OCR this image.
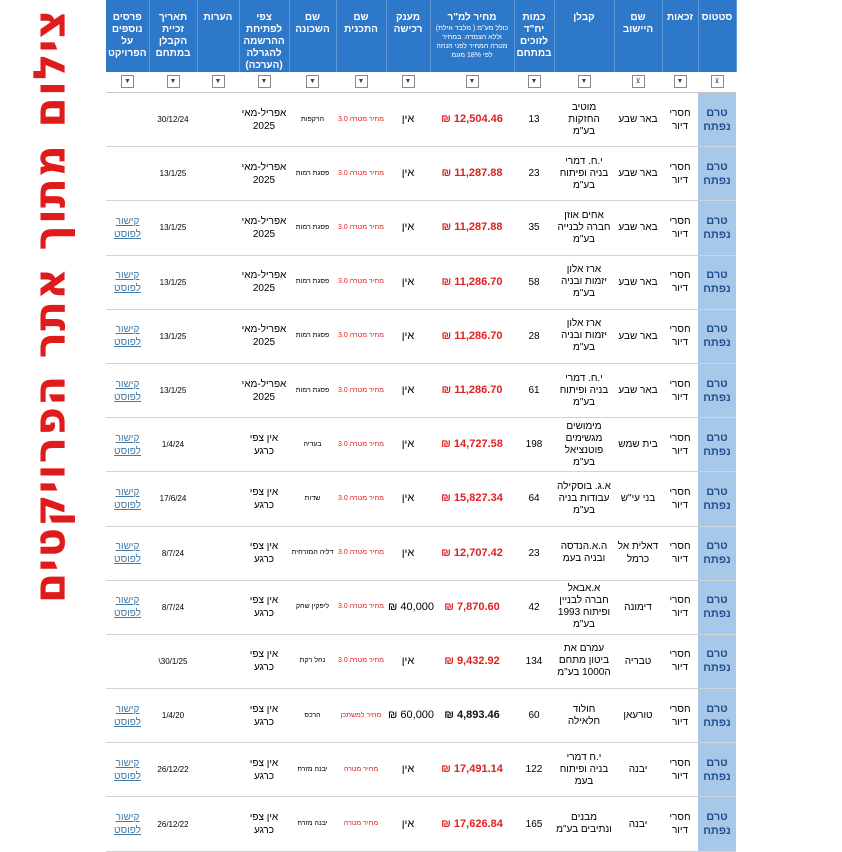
צילום מתוך אתר הפרויקטים	סטטוס	זכאות	שם היישוב	קבלן	כמות יח"ד לזוכים במתחם	מחיר למ"ר
כולל מע"מ ( מלבד אילת) וללא הצמדה. במחיר מטרה המחיר לפני הנחה לפי 18% מעמ	מענק רכישה	שם התכנית	שם השכונה	צפי לפתיחת ההרשמה להגרלה (הערכה)	הערות	תאריך זכיית הקבלן במתחם	פרסים נוספים על הפרויקט
⊻	▼	⊻	▼	▼	▼	▼	▼	▼	▼	▼	▼	▼
טרם נפתח	חסרי דיור	באר שבע	מוטיב החזקות בע"מ	13	₪ 12,504.46	אין	מחיר מטרה 3.0	הרקפות	אפריל-מאי 2025		30/12/24	
טרם נפתח	חסרי דיור	באר שבע	י.ח. דמרי בניה ופיתוח בע"מ	23	₪ 11,287.88	אין	מחיר מטרה 3.0	פסגת רמות	אפריל-מאי 2025		13/1/25	
טרם נפתח	חסרי דיור	באר שבע	אחים אוזן חברה לבנייה בע"מ	35	₪ 11,287.88	אין	מחיר מטרה 3.0	פסגת רמות	אפריל-מאי 2025		13/1/25	קישור לפוסט
טרם נפתח	חסרי דיור	באר שבע	ארז אלון יזמות ובניה בע"מ	58	₪ 11,286.70	אין	מחיר מטרה 3.0	פסגת רמות	אפריל-מאי 2025		13/1/25	קישור לפוסט
טרם נפתח	חסרי דיור	באר שבע	ארז אלון יזמות ובניה בע"מ	28	₪ 11,286.70	אין	מחיר מטרה 3.0	פסגת רמות	אפריל-מאי 2025		13/1/25	קישור לפוסט
טרם נפתח	חסרי דיור	באר שבע	י.ח. דמרי בניה ופיתוח בע"מ	61	₪ 11,286.70	אין	מחיר מטרה 3.0	פסגת רמות	אפריל-מאי 2025		13/1/25	קישור לפוסט
טרם נפתח	חסרי דיור	בית שמש	מימושים מגשימים פוטנציאל בע"מ	198	₪ 14,727.58	אין	מחיר מטרה 3.0	בעדיה	אין צפי כרגע		1/4/24	קישור לפוסט
טרם נפתח	חסרי דיור	בני עי"ש	א.ג. בוסקילה עבודות בניה בע"מ	64	₪ 15,827.34	אין	מחיר מטרה 3.0	שדות	אין צפי כרגע		17/6/24	קישור לפוסט
טרם נפתח	חסרי דיור	דאלית אל כרמל	ה.א.הנדסה ובניה בעמ	23	₪ 12,707.42	אין	מחיר מטרה 3.0	דליה המזרחית	אין צפי כרגע		8/7/24	קישור לפוסט
טרם נפתח	חסרי דיור	דימונה	א.אבאל חברה לבניין ופיתוח 1993 בע"מ	42	₪ 7,870.60	₪ 40,000	מחיר מטרה 3.0	ליפקין שחק	אין צפי כרגע		8/7/24	קישור לפוסט
טרם נפתח	חסרי דיור	טבריה	עמרם את ביטון מתחם ה1000 בע"מ	134	₪ 9,432.92	אין	מחיר מטרה 3.0	נחל רקת	אין צפי כרגע		30/1/25\	
טרם נפתח	חסרי דיור	טורעאן	חולוד חלאילה	60	₪ 4,893.46	₪ 60,000	מחיר למשתכן	הרכס	אין צפי כרגע		1/4/20	קישור לפוסט
טרם נפתח	חסרי דיור	יבנה	י.ח דמרי בניה ופיתוח בעמ	122	₪ 17,491.14	אין	מחיר מטרה	יבנה מזרח	אין צפי כרגע		26/12/22	קישור לפוסט
טרם נפתח	חסרי דיור	יבנה	מבנים ונתיבים בע"מ	165	₪ 17,626.84	אין	מחיר מטרה	יבנה מזרח	אין צפי כרגע		26/12/22	קישור לפוסט
